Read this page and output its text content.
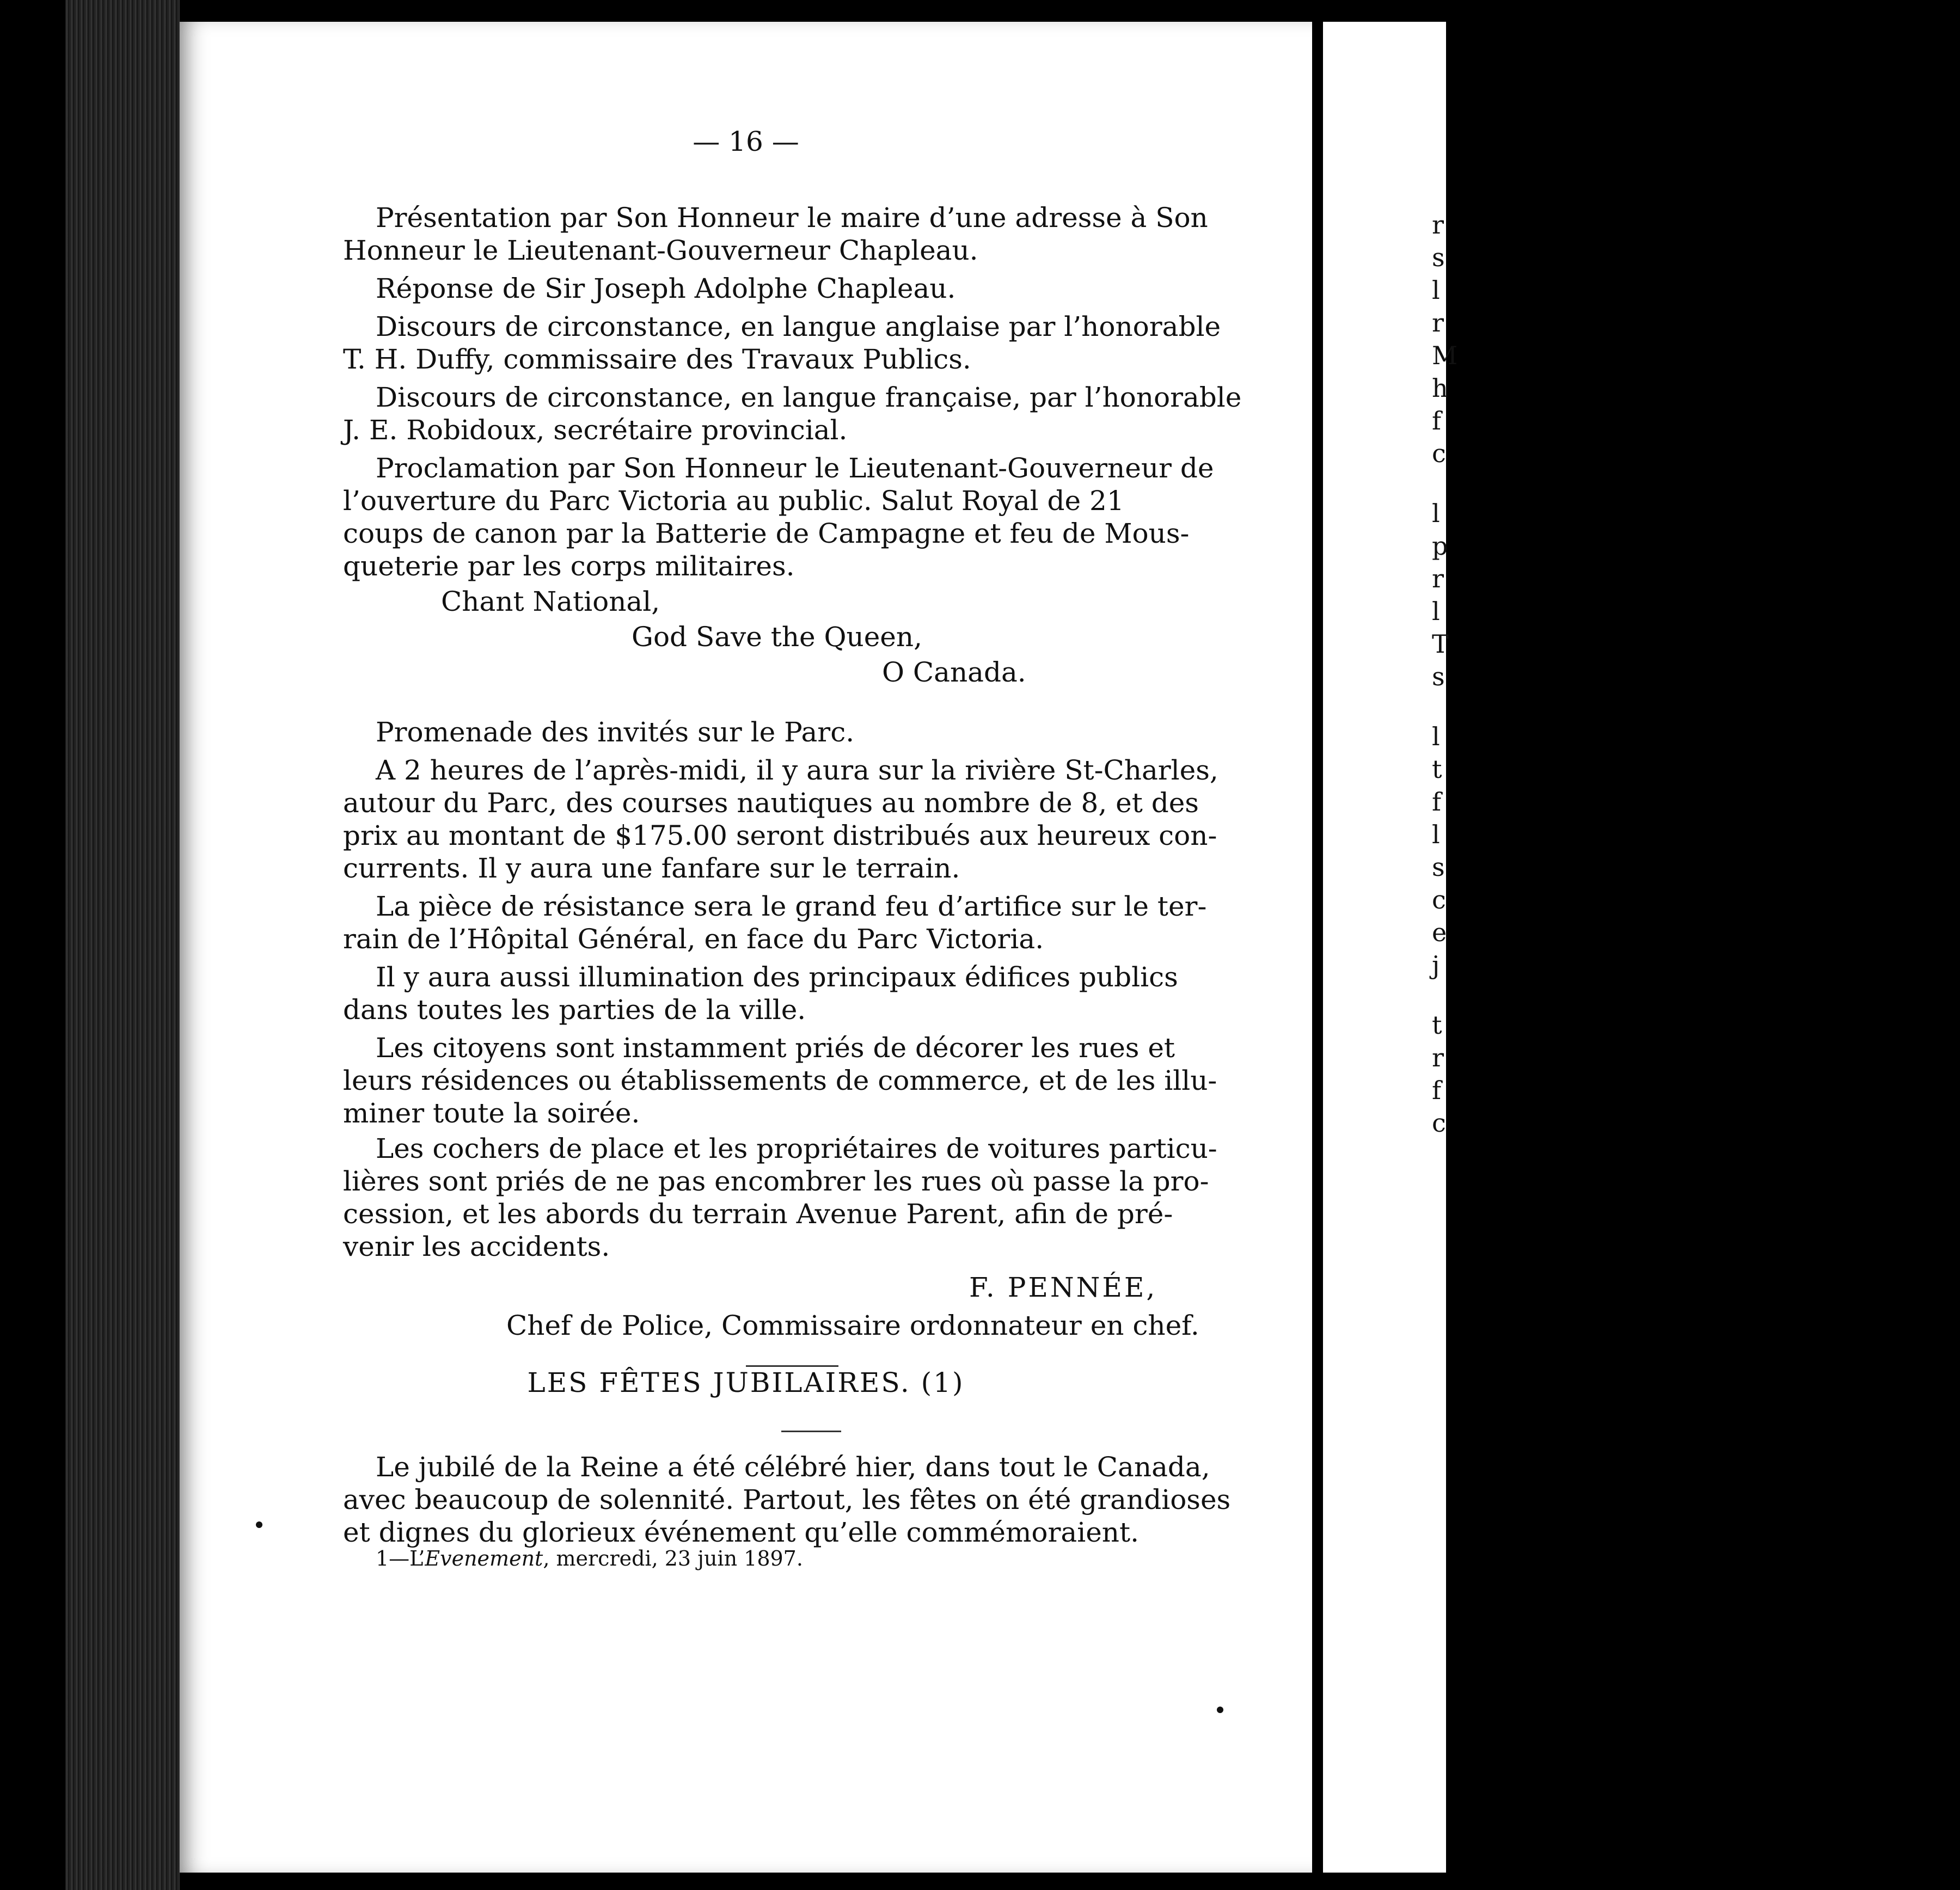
— 16 —
Présentation par Son Honneur le maire d’une adresse à Son
Honneur le Lieutenant-Gouverneur Chapleau.
Réponse de Sir Joseph Adolphe Chapleau.
Discours de circonstance, en langue anglaise par l’honorable
T. H. Duffy, commissaire des Travaux Publics.
Discours de circonstance, en langue française, par l’honorable
J. E. Robidoux, secrétaire provincial.
Proclamation par Son Honneur le Lieutenant-Gouverneur de
l’ouverture du Parc Victoria au public. Salut Royal de 21
coups de canon par la Batterie de Campagne et feu de Mous-
queterie par les corps militaires.
Chant National,
God Save the Queen,
O Canada.
Promenade des invités sur le Parc.
A 2 heures de l’après-midi, il y aura sur la rivière St-Charles,
autour du Parc, des courses nautiques au nombre de 8, et des
prix au montant de $175.00 seront distribués aux heureux con-
currents. Il y aura une fanfare sur le terrain.
La pièce de résistance sera le grand feu d’artifice sur le ter-
rain de l’Hôpital Général, en face du Parc Victoria.
Il y aura aussi illumination des principaux édifices publics
dans toutes les parties de la ville.
Les citoyens sont instamment priés de décorer les rues et
leurs résidences ou établissements de commerce, et de les illu-
miner toute la soirée.
Les cochers de place et les propriétaires de voitures particu-
lières sont priés de ne pas encombrer les rues où passe la pro-
cession, et les abords du terrain Avenue Parent, afin de pré-
venir les accidents.
F. PENNÉE,
Chef de Police, Commissaire ordonnateur en chef.
LES FÊTES JUBILAIRES. (1)
Le jubilé de la Reine a été célébré hier, dans tout le Canada,
avec beaucoup de solennité. Partout, les fêtes on été grandioses
et dignes du glorieux événement qu’elle commémoraient.
1—L’Evenement, mercredi, 23 juin 1897.
r
s
l
r
M
h
f
c
l
p
r
l
T
s
l
t
f
l
s
c
e
j
t
r
f
c
